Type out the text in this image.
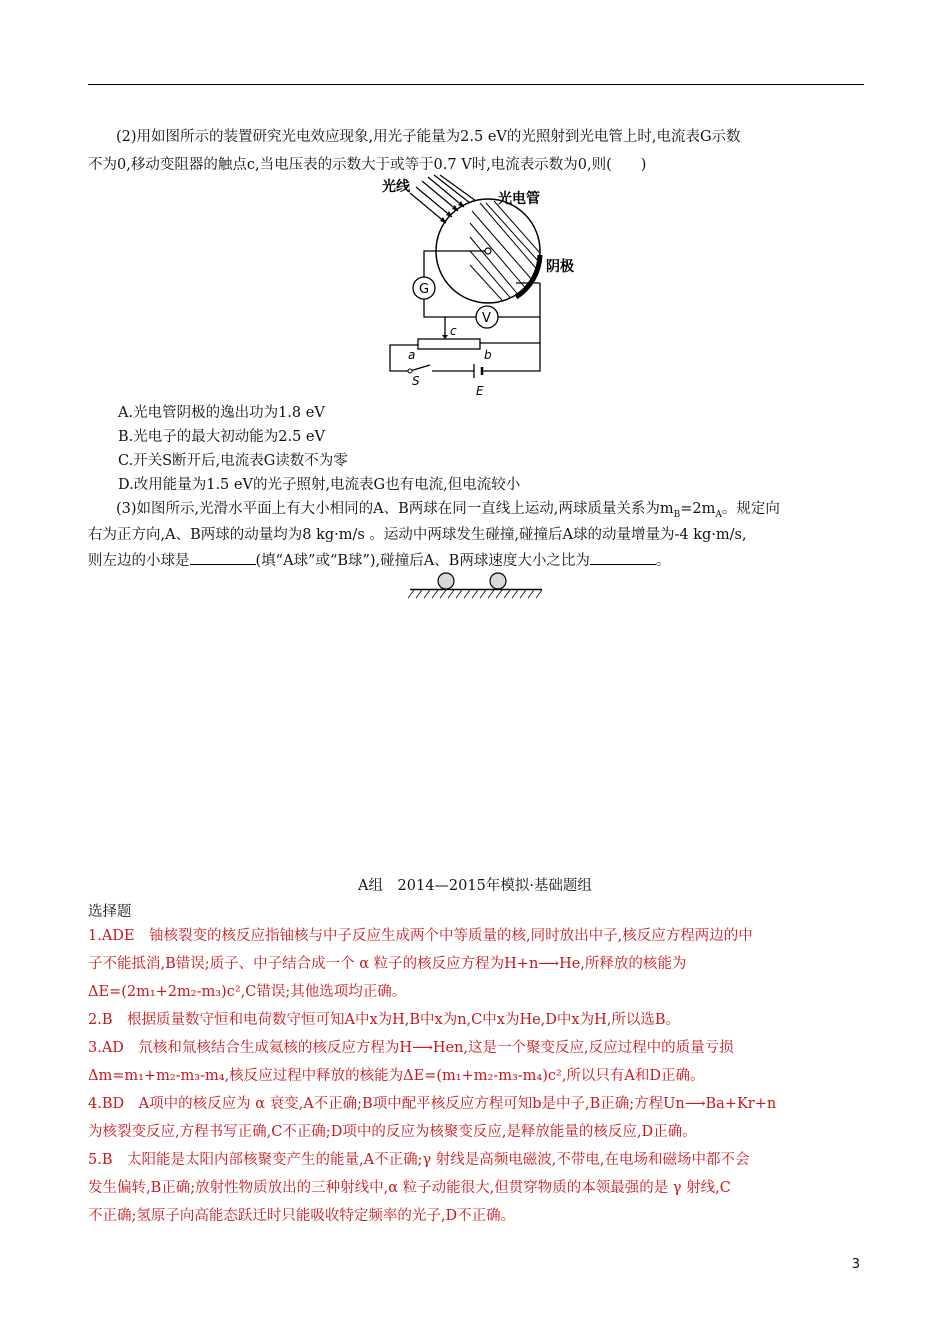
(2)用如图所示的装置研究光电效应现象,用光子能量为2.5 eV的光照射到光电管上时,电流表G示数

不为0,移动变阻器的触点c,当电压表的示数大于或等于0.7 V时,电流表示数为0,则(　　)

光线
光电管
阴极
G
V
c
a	b
S
E

A.光电管阴极的逸出功为1.8 eV

B.光电子的最大初动能为2.5 eV

C.开关S断开后,电流表G读数不为零

D.改用能量为1.5 eV的光子照射,电流表G也有电流,但电流较小

(3)如图所示,光滑水平面上有大小相同的A、B两球在同一直线上运动,两球质量关系为$m_B=2m_A$。规定向

右为正方向,A、B两球的动量均为8 kg·m/s 。运动中两球发生碰撞,碰撞后A球的动量增量为-4 kg·m/s,

则左边的小球是	(填“A球”或“B球”),碰撞后A、B两球速度大小之比为	。

A组　2014—2015年模拟·基础题组

选择题

1.ADE　铀核裂变的核反应指铀核与中子反应生成两个中等质量的核,同时放出中子,核反应方程两边的中
子不能抵消,B错误;质子、中子结合成一个 α 粒子的核反应方程为H+n⟶He,所释放的核能为
ΔE=(2m₁+2m₂-m₃)c²,C错误;其他选项均正确。
2.B　根据质量数守恒和电荷数守恒可知A中x为H,B中x为n,C中x为He,D中x为H,所以选B。
3.AD　氘核和氚核结合生成氦核的核反应方程为H⟶Hen,这是一个聚变反应,反应过程中的质量亏损
Δm=m₁+m₂-m₃-m₄,核反应过程中释放的核能为ΔE=(m₁+m₂-m₃-m₄)c²,所以只有A和D正确。
4.BD　A项中的核反应为 α 衰变,A不正确;B项中配平核反应方程可知b是中子,B正确;方程Un⟶Ba+Kr+n
为核裂变反应,方程书写正确,C不正确;D项中的反应为核聚变反应,是释放能量的核反应,D正确。
5.B　太阳能是太阳内部核聚变产生的能量,A不正确;γ 射线是高频电磁波,不带电,在电场和磁场中都不会
发生偏转,B正确;放射性物质放出的三种射线中,α 粒子动能很大,但贯穿物质的本领最强的是 γ 射线,C
不正确;氢原子向高能态跃迁时只能吸收特定频率的光子,D不正确。
3
